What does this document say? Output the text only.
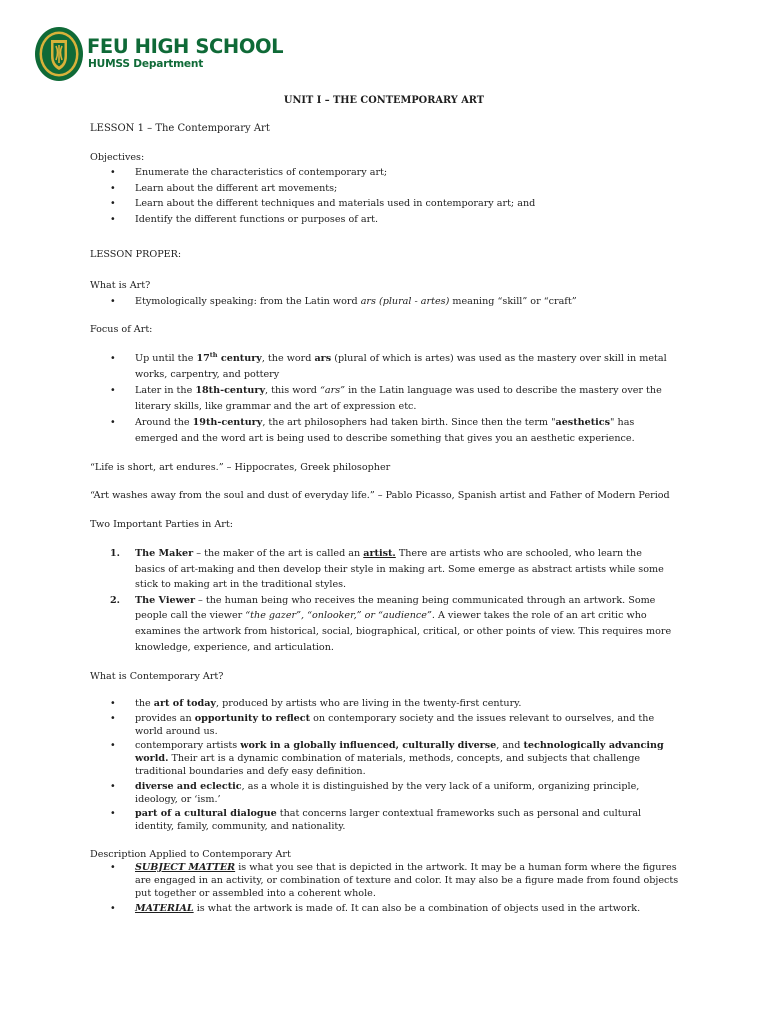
FEU HIGH SCHOOL
HUMSS Department
UNIT I – THE CONTEMPORARY ART
LESSON 1 – The Contemporary Art
Objectives:
• Enumerate the characteristics of contemporary art;
• Learn about the different art movements;
• Learn about the different techniques and materials used in contemporary art; and
• Identify the different functions or purposes of art.
LESSON PROPER:
What is Art?
• Etymologically speaking: from the Latin word ars (plural - artes) meaning “skill” or “craft”
Focus of Art:
• Up until the 17th century, the word ars (plural of which is artes) was used as the mastery over skill in metal works, carpentry, and pottery
• Later in the 18th-century, this word “ars” in the Latin language was used to describe the mastery over the literary skills, like grammar and the art of expression etc.
• Around the 19th-century, the art philosophers had taken birth. Since then the term "aesthetics" has emerged and the word art is being used to describe something that gives you an aesthetic experience.
“Life is short, art endures.” – Hippocrates, Greek philosopher
“Art washes away from the soul and dust of everyday life.” – Pablo Picasso, Spanish artist and Father of Modern Period
Two Important Parties in Art:
1. The Maker – the maker of the art is called an artist. There are artists who are schooled, who learn the basics of art-making and then develop their style in making art. Some emerge as abstract artists while some stick to making art in the traditional styles.
2. The Viewer – the human being who receives the meaning being communicated through an artwork. Some people call the viewer “the gazer”, “onlooker,” or “audience”. A viewer takes the role of an art critic who examines the artwork from historical, social, biographical, critical, or other points of view. This requires more knowledge, experience, and articulation.
What is Contemporary Art?
• the art of today, produced by artists who are living in the twenty-first century.
• provides an opportunity to reflect on contemporary society and the issues relevant to ourselves, and the world around us.
• contemporary artists work in a globally influenced, culturally diverse, and technologically advancing world. Their art is a dynamic combination of materials, methods, concepts, and subjects that challenge traditional boundaries and defy easy definition.
• diverse and eclectic, as a whole it is distinguished by the very lack of a uniform, organizing principle, ideology, or ‘ism.’
• part of a cultural dialogue that concerns larger contextual frameworks such as personal and cultural identity, family, community, and nationality.
Description Applied to Contemporary Art
• SUBJECT MATTER is what you see that is depicted in the artwork. It may be a human form where the figures are engaged in an activity, or combination of texture and color. It may also be a figure made from found objects put together or assembled into a coherent whole.
• MATERIAL is what the artwork is made of. It can also be a combination of objects used in the artwork.
